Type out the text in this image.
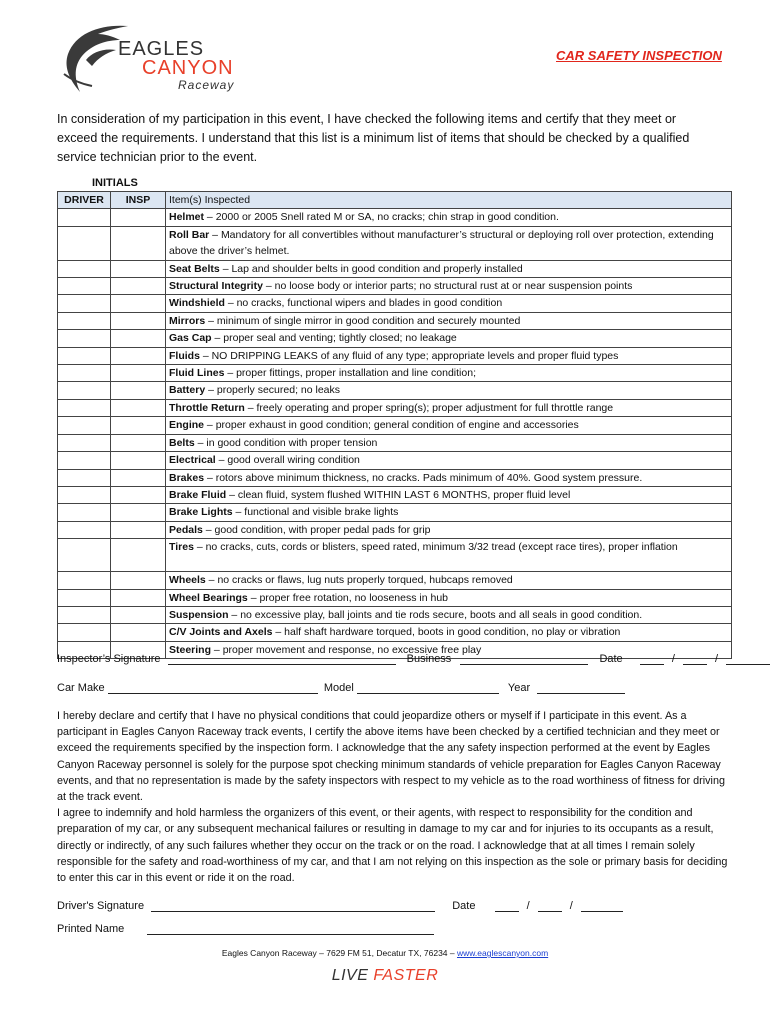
EAGLES
CANYON
Raceway
CAR SAFETY INSPECTION
In consideration of my participation in this event, I have checked the following items and certify that they meet or exceed the requirements. I understand that this list is a minimum list of items that should be checked by a qualified service technician prior to the event.
INITIALS
DRIVER	INSP	Item(s) Inspected
		Helmet – 2000 or 2005 Snell rated M or SA, no cracks; chin strap in good condition.
		Roll Bar – Mandatory for all convertibles without manufacturer’s structural or deploying roll over protection, extending above the driver’s helmet.
		Seat Belts – Lap and shoulder belts in good condition and properly installed
		Structural Integrity – no loose body or interior parts; no structural rust at or near suspension points
		Windshield – no cracks, functional wipers and blades in good condition
		Mirrors – minimum of single mirror in good condition and securely mounted
		Gas Cap – proper seal and venting; tightly closed; no leakage
		Fluids – NO DRIPPING LEAKS of any fluid of any type; appropriate levels and proper fluid types
		Fluid Lines – proper fittings, proper installation and line condition;
		Battery – properly secured; no leaks
		Throttle Return – freely operating and proper spring(s); proper adjustment for full throttle range
		Engine – proper exhaust in good condition; general condition of engine and accessories
		Belts – in good condition with proper tension
		Electrical – good overall wiring condition
		Brakes – rotors above minimum thickness, no cracks. Pads minimum of 40%. Good system pressure.
		Brake Fluid – clean fluid, system flushed WITHIN LAST 6 MONTHS, proper fluid level
		Brake Lights – functional and visible brake lights
		Pedals – good condition, with proper pedal pads for grip
		Tires – no cracks, cuts, cords or blisters, speed rated, minimum 3/32 tread (except race tires), proper inflation
		Wheels – no cracks or flaws, lug nuts properly torqued, hubcaps removed
		Wheel Bearings – proper free rotation, no looseness in hub
		Suspension – no excessive play, ball joints and tie rods secure, boots and all seals in good condition.
		C/V Joints and Axels – half shaft hardware torqued, boots in good condition, no play or vibration
		Steering – proper movement and response, no excessive free play
Inspector’s Signature	Business	Date	/	/
Car Make	Model	Year

I hereby declare and certify that I have no physical conditions that could jeopardize others or myself if I participate in this event. As a participant in Eagles Canyon Raceway track events, I certify the above items have been checked by a certified technician and they meet or exceed the requirements specified by the inspection form. I acknowledge that the any safety inspection performed at the event by Eagles Canyon Raceway personnel is solely for the purpose spot checking minimum standards of vehicle preparation for Eagles Canyon Raceway events, and that no representation is made by the safety inspectors with respect to my vehicle as to the road worthiness of fitness for driving at the track event.

I agree to indemnify and hold harmless the organizers of this event, or their agents, with respect to responsibility for the condition and preparation of my car, or any subsequent mechanical failures or resulting in damage to my car and for injuries to its occupants as a result, directly or indirectly, of any such failures whether they occur on the track or on the road. I acknowledge that at all times I remain solely responsible for the safety and road-worthiness of my car, and that I am not relying on this inspection as the sole or primary basis for deciding to enter this car in this event or ride it on the road.

Driver's Signature	Date	/	/
Printed Name
Eagles Canyon Raceway – 7629 FM 51, Decatur TX, 76234 – www.eaglescanyon.com
LIVE FASTER
